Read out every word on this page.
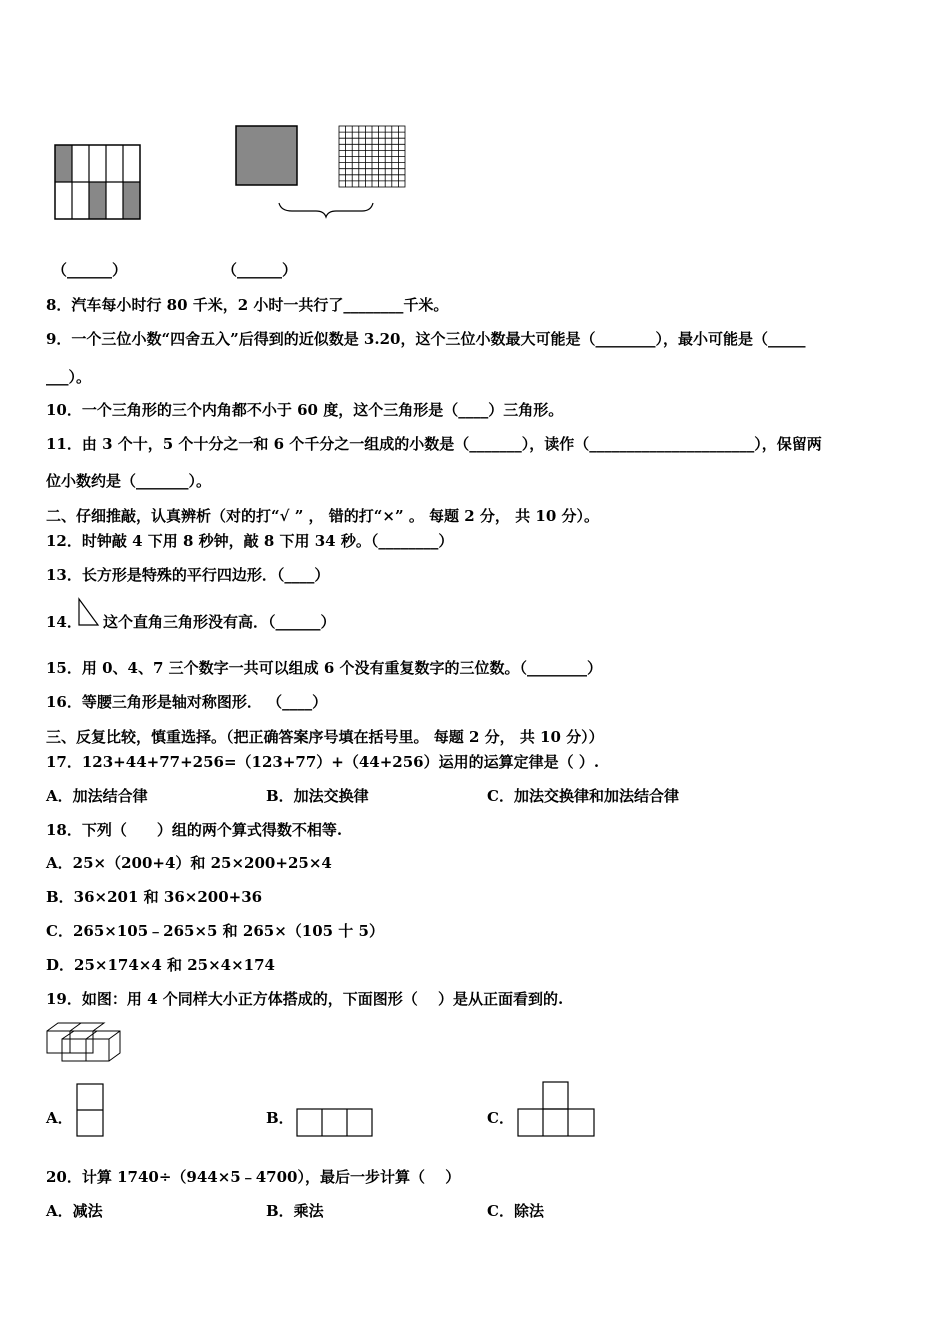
（______）	（______）
8．汽车每小时行 80 千米，2 小时一共行了________千米。
9．一个三位小数“四舍五入”后得到的近似数是 3.20，这个三位小数最大可能是（________），最小可能是（_____
___）。
10．一个三角形的三个内角都不小于 60 度，这个三角形是（____）三角形。
11．由 3 个十，5 个十分之一和 6 个千分之一组成的小数是（_______），读作（______________________），保留两
位小数约是（_______）。
二、仔细推敲，认真辨析（对的打“√ ” ， 错的打“×” 。 每题 2 分， 共 10 分）。
12．时钟敲 4 下用 8 秒钟，敲 8 下用 34 秒。（________）
13．长方形是特殊的平行四边形．（____）
14． 这个直角三角形没有高．（______）
15．用 0、4、7 三个数字一共可以组成 6 个没有重复数字的三位数。（________）
16．等腰三角形是轴对称图形． （____）
三、反复比较，慎重选择。（把正确答案序号填在括号里。 每题 2 分， 共 10 分））
17．123+44+77+256=（123+77）+（44+256）运用的运算定律是（ ）.
A．加法结合律	B．加法交换律	C．加法交换律和加法结合律
18．下列（　　）组的两个算式得数不相等.
A．25×（200+4）和 25×200+25×4
B．36×201 和 36×200+36
C．265×105﹣265×5 和 265×（105 十 5）
D．25×174×4 和 25×4×174
19．如图：用 4 个同样大小正方体搭成的，下面图形（　 ）是从正面看到的.
A．	B．	C．
20．计算 1740÷（944×5﹣4700），最后一步计算（　 ）
A．减法	B．乘法	C．除法
